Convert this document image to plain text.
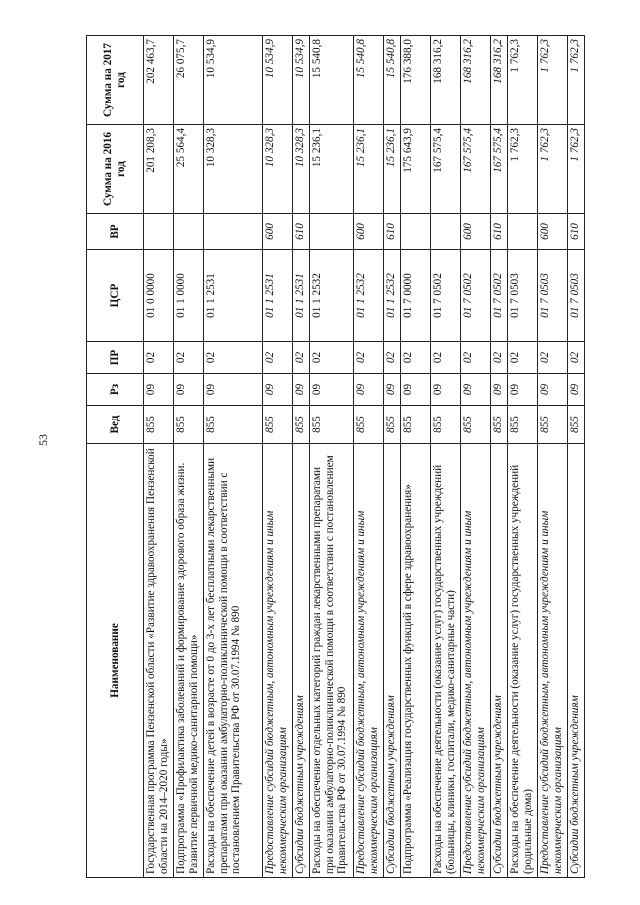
53
Наименование	Вед	Рз	ПР	ЦСР	ВР	Сумма на 2016 год	Сумма на 2017 год
Государственная программа Пензенской области «Развитие здравоохранения Пензенской области на 2014–2020 годы»	855	09	02	01 0 0000		201 208,3	202 463,7
Подпрограмма «Профилактика заболеваний и формирование здорового образа жизни. Развитие первичной медико-санитарной помощи»	855	09	02	01 1 0000		25 564,4	26 075,7
Расходы на обеспечение детей в возрасте от 0 до 3-х лет бесплатными лекарственными препаратами при оказании амбулаторно-поликлинической помощи в соответствии с постановлением Правительства РФ от 30.07.1994 № 890	855	09	02	01 1 2531		10 328,3	10 534,9
Предоставление субсидий бюджетным, автономным учреждениям и иным некоммерческим организациям	855	09	02	01 1 2531	600	10 328,3	10 534,9
Субсидии бюджетным учреждениям	855	09	02	01 1 2531	610	10 328,3	10 534,9
Расходы на обеспечение отдельных категорий граждан лекарственными препаратами при оказании амбулаторно-поликлинической помощи в соответствии с постановлением Правительства РФ от 30.07.1994 № 890	855	09	02	01 1 2532		15 236,1	15 540,8
Предоставление субсидий бюджетным, автономным учреждениям и иным некоммерческим организациям	855	09	02	01 1 2532	600	15 236,1	15 540,8
Субсидии бюджетным учреждениям	855	09	02	01 1 2532	610	15 236,1	15 540,8
Подпрограмма «Реализация государственных функций в сфере здравоохранения»	855	09	02	01 7 0000		175 643,9	176 388,0
Расходы на обеспечение деятельности (оказание услуг) государственных учреждений (больницы, клиники, госпитали, медико-санитарные части)	855	09	02	01 7 0502		167 575,4	168 316,2
Предоставление субсидий бюджетным, автономным учреждениям и иным некоммерческим организациям	855	09	02	01 7 0502	600	167 575,4	168 316,2
Субсидии бюджетным учреждениям	855	09	02	01 7 0502	610	167 575,4	168 316,2
Расходы на обеспечение деятельности (оказание услуг) государственных учреждений (родильные дома)	855	09	02	01 7 0503		1 762,3	1 762,3
Предоставление субсидий бюджетным, автономным учреждениям и иным некоммерческим организациям	855	09	02	01 7 0503	600	1 762,3	1 762,3
Субсидии бюджетным учреждениям	855	09	02	01 7 0503	610	1 762,3	1 762,3
